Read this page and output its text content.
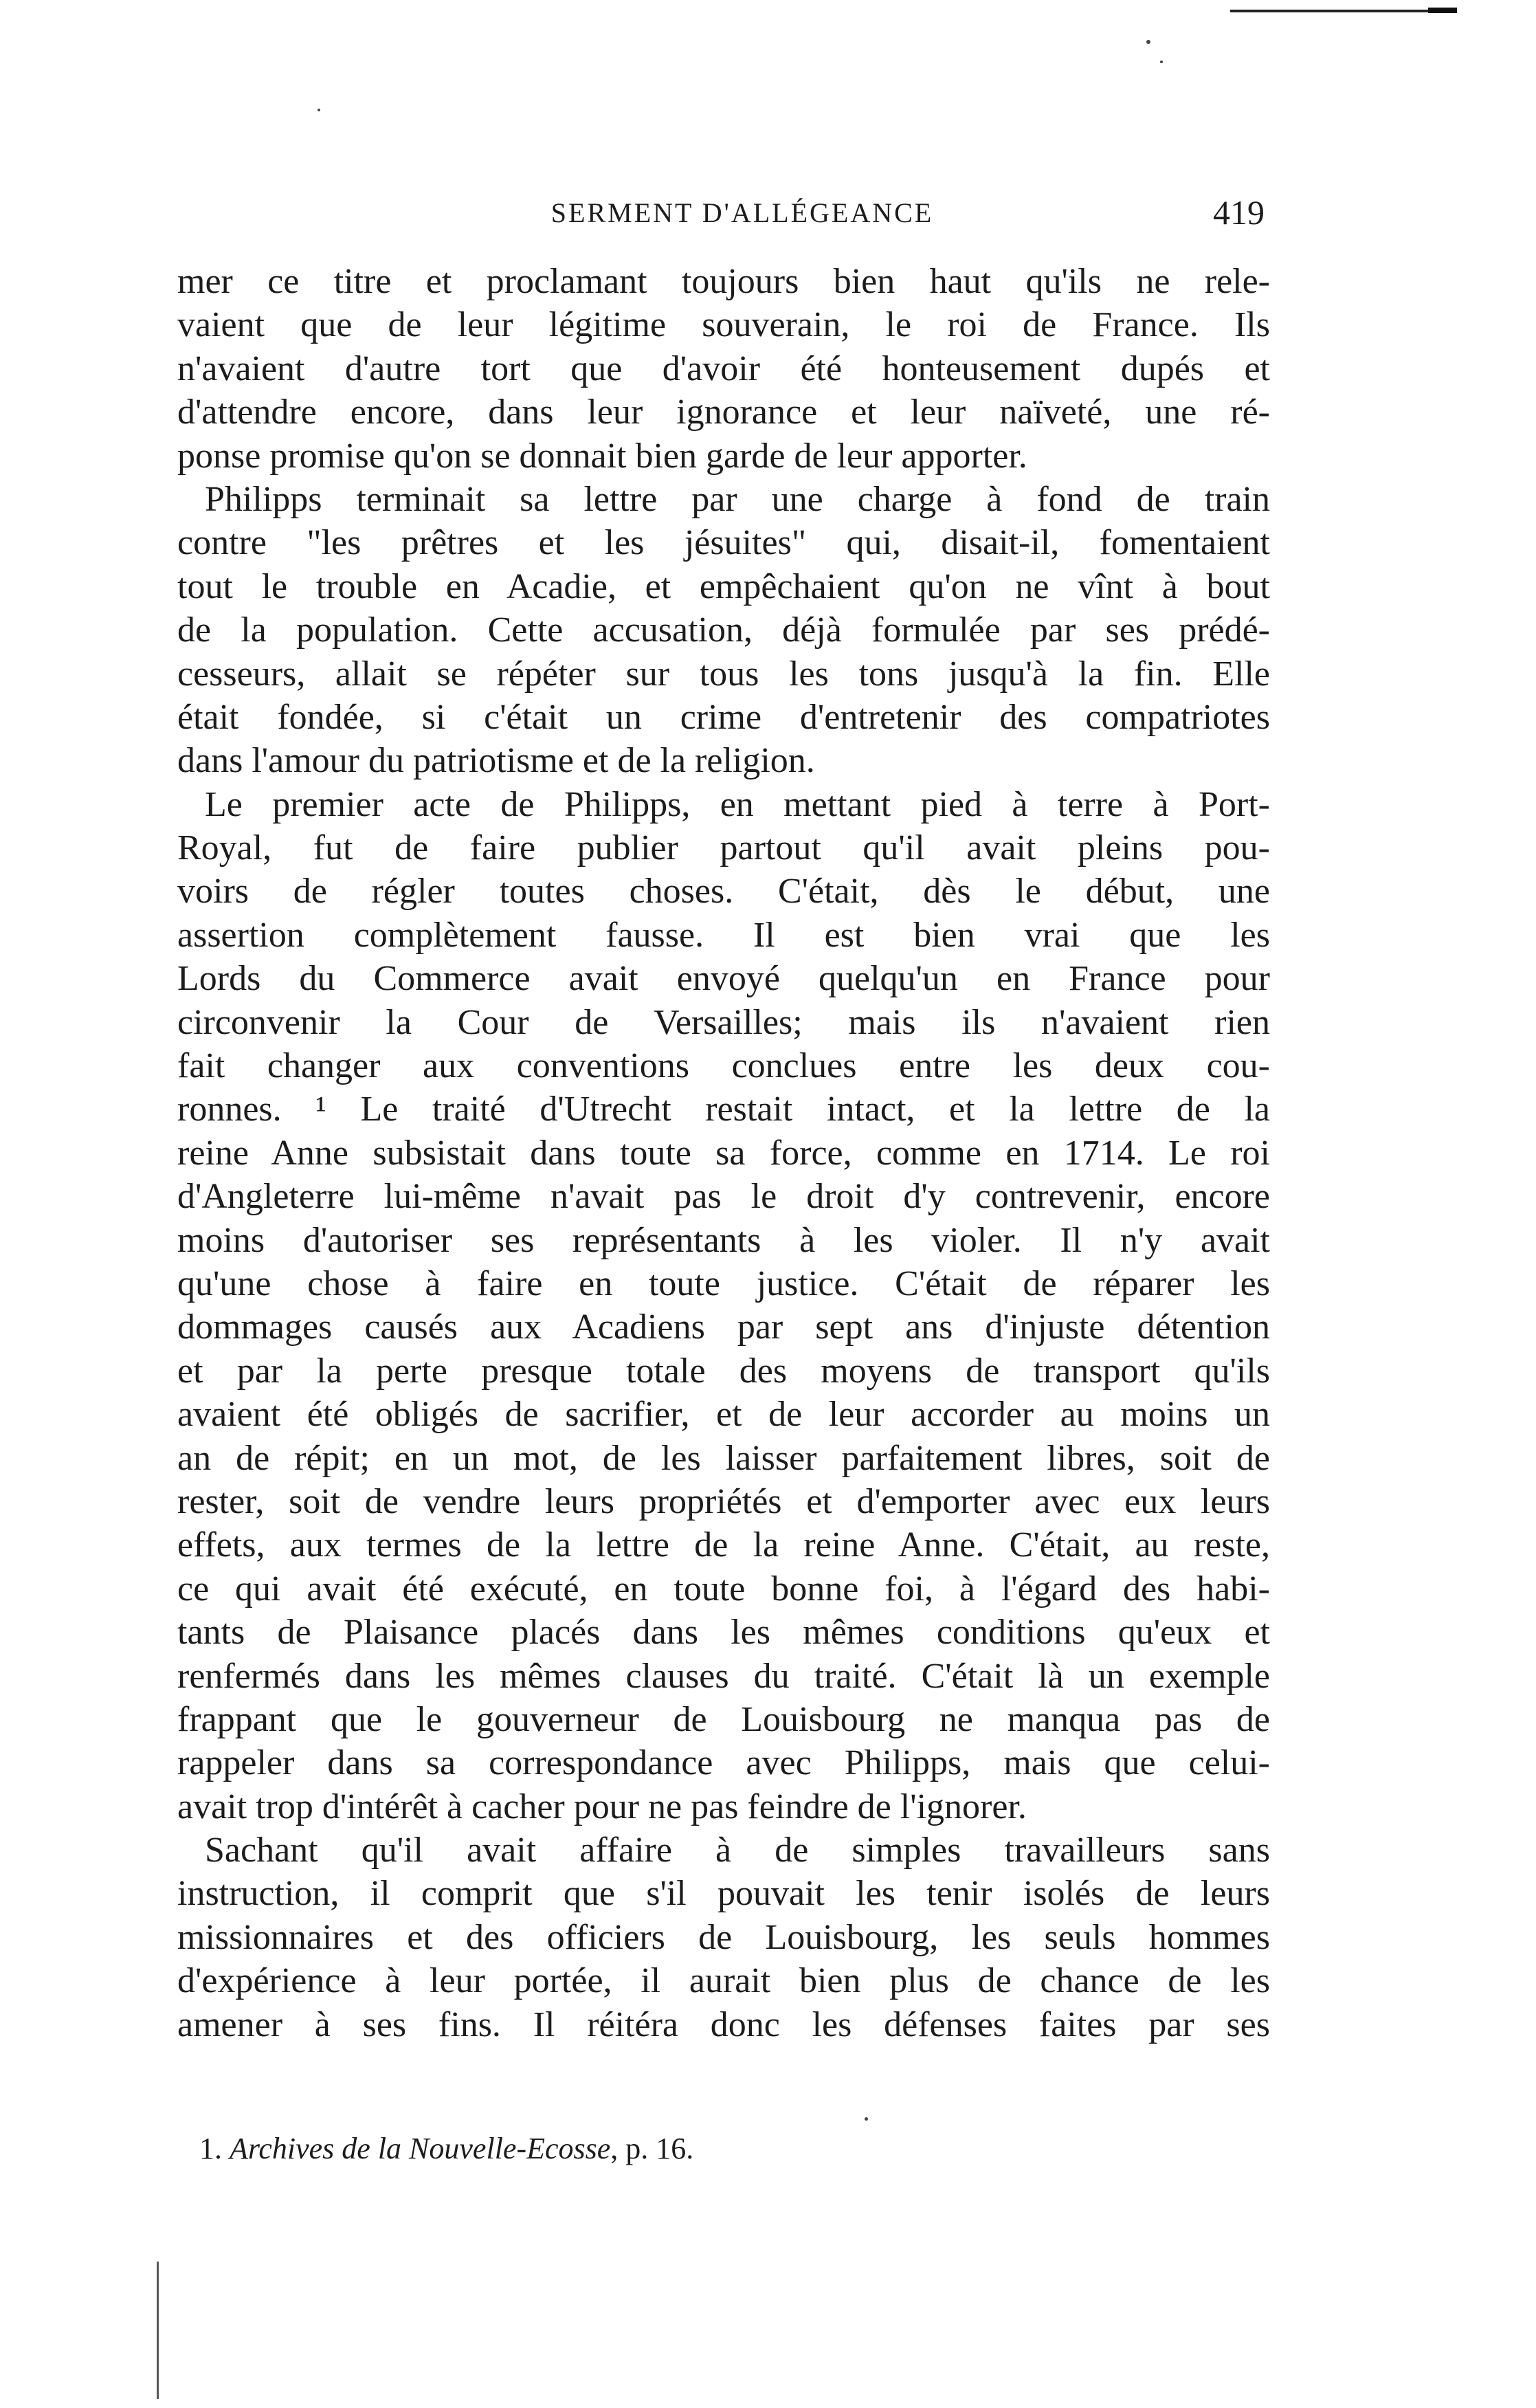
SERMENT D'ALLÉGEANCE	419
mer ce titre et proclamant toujours bien haut qu'ils ne rele-
vaient que de leur légitime souverain, le roi de France. Ils
n'avaient d'autre tort que d'avoir été honteusement dupés et
d'attendre encore, dans leur ignorance et leur naïveté, une ré-
ponse promise qu'on se donnait bien garde de leur apporter.
Philipps terminait sa lettre par une charge à fond de train
contre "les prêtres et les jésuites" qui, disait-il, fomentaient
tout le trouble en Acadie, et empêchaient qu'on ne vînt à bout
de la population. Cette accusation, déjà formulée par ses prédé-
cesseurs, allait se répéter sur tous les tons jusqu'à la fin. Elle
était fondée, si c'était un crime d'entretenir des compatriotes
dans l'amour du patriotisme et de la religion.
Le premier acte de Philipps, en mettant pied à terre à Port-
Royal, fut de faire publier partout qu'il avait pleins pou-
voirs de régler toutes choses. C'était, dès le début, une
assertion complètement fausse. Il est bien vrai que les
Lords du Commerce avait envoyé quelqu'un en France pour
circonvenir la Cour de Versailles; mais ils n'avaient rien
fait changer aux conventions conclues entre les deux cou-
ronnes. ¹ Le traité d'Utrecht restait intact, et la lettre de la
reine Anne subsistait dans toute sa force, comme en 1714. Le roi
d'Angleterre lui-même n'avait pas le droit d'y contrevenir, encore
moins d'autoriser ses représentants à les violer. Il n'y avait
qu'une chose à faire en toute justice. C'était de réparer les
dommages causés aux Acadiens par sept ans d'injuste détention
et par la perte presque totale des moyens de transport qu'ils
avaient été obligés de sacrifier, et de leur accorder au moins un
an de répit; en un mot, de les laisser parfaitement libres, soit de
rester, soit de vendre leurs propriétés et d'emporter avec eux leurs
effets, aux termes de la lettre de la reine Anne. C'était, au reste,
ce qui avait été exécuté, en toute bonne foi, à l'égard des habi-
tants de Plaisance placés dans les mêmes conditions qu'eux et
renfermés dans les mêmes clauses du traité. C'était là un exemple
frappant que le gouverneur de Louisbourg ne manqua pas de
rappeler dans sa correspondance avec Philipps, mais que celui-
avait trop d'intérêt à cacher pour ne pas feindre de l'ignorer.
Sachant qu'il avait affaire à de simples travailleurs sans
instruction, il comprit que s'il pouvait les tenir isolés de leurs
missionnaires et des officiers de Louisbourg, les seuls hommes
d'expérience à leur portée, il aurait bien plus de chance de les
amener à ses fins. Il réitéra donc les défenses faites par ses
1. Archives de la Nouvelle-Ecosse, p. 16.
